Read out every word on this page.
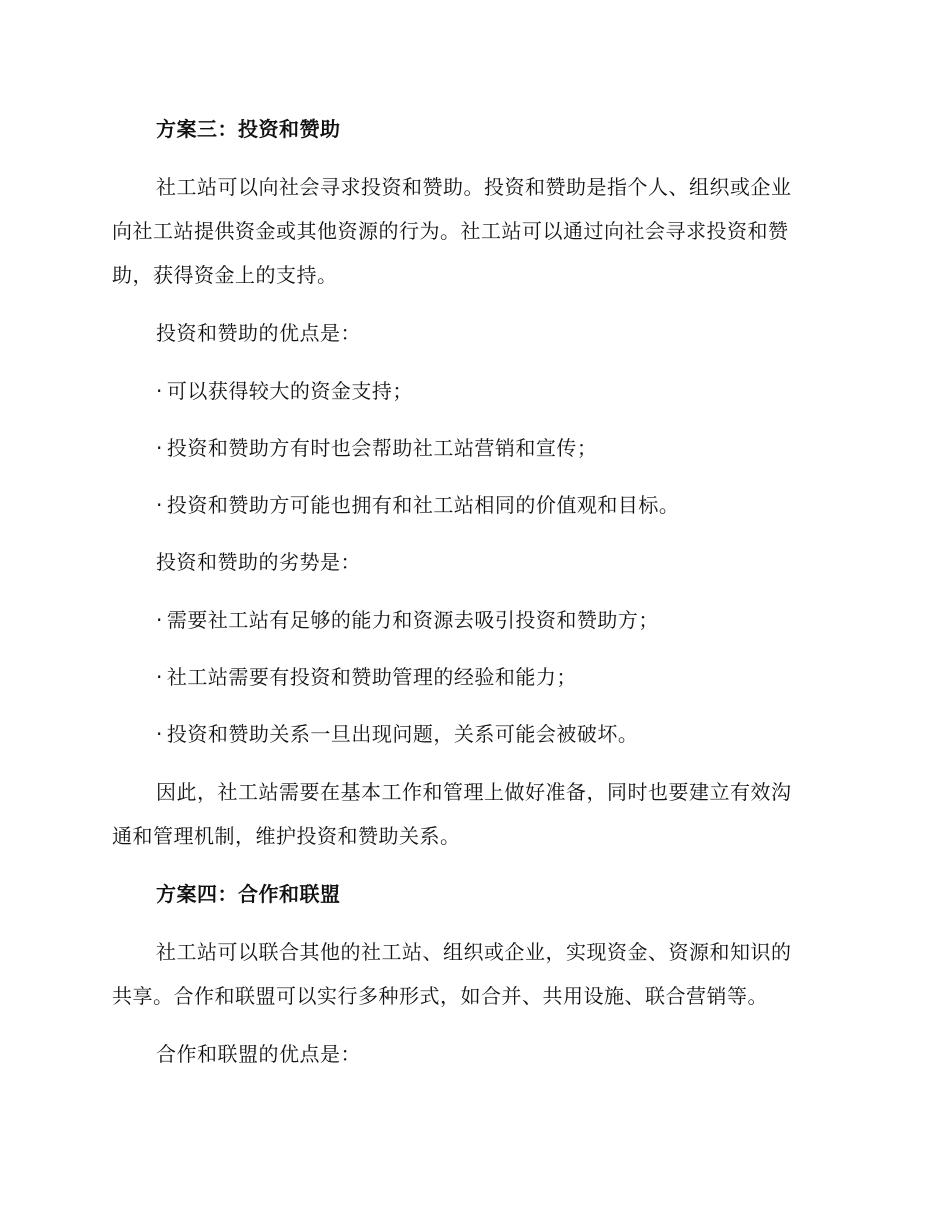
方案三：投资和赞助

社工站可以向社会寻求投资和赞助。投资和赞助是指个人、组织或企业
向社工站提供资金或其他资源的行为。社工站可以通过向社会寻求投资和赞
助，获得资金上的支持。

投资和赞助的优点是：

· 可以获得较大的资金支持；

· 投资和赞助方有时也会帮助社工站营销和宣传；

· 投资和赞助方可能也拥有和社工站相同的价值观和目标。

投资和赞助的劣势是：

· 需要社工站有足够的能力和资源去吸引投资和赞助方；

· 社工站需要有投资和赞助管理的经验和能力；

· 投资和赞助关系一旦出现问题，关系可能会被破坏。

因此，社工站需要在基本工作和管理上做好准备，同时也要建立有效沟
通和管理机制，维护投资和赞助关系。

方案四：合作和联盟

社工站可以联合其他的社工站、组织或企业，实现资金、资源和知识的
共享。合作和联盟可以实行多种形式，如合并、共用设施、联合营销等。

合作和联盟的优点是：
